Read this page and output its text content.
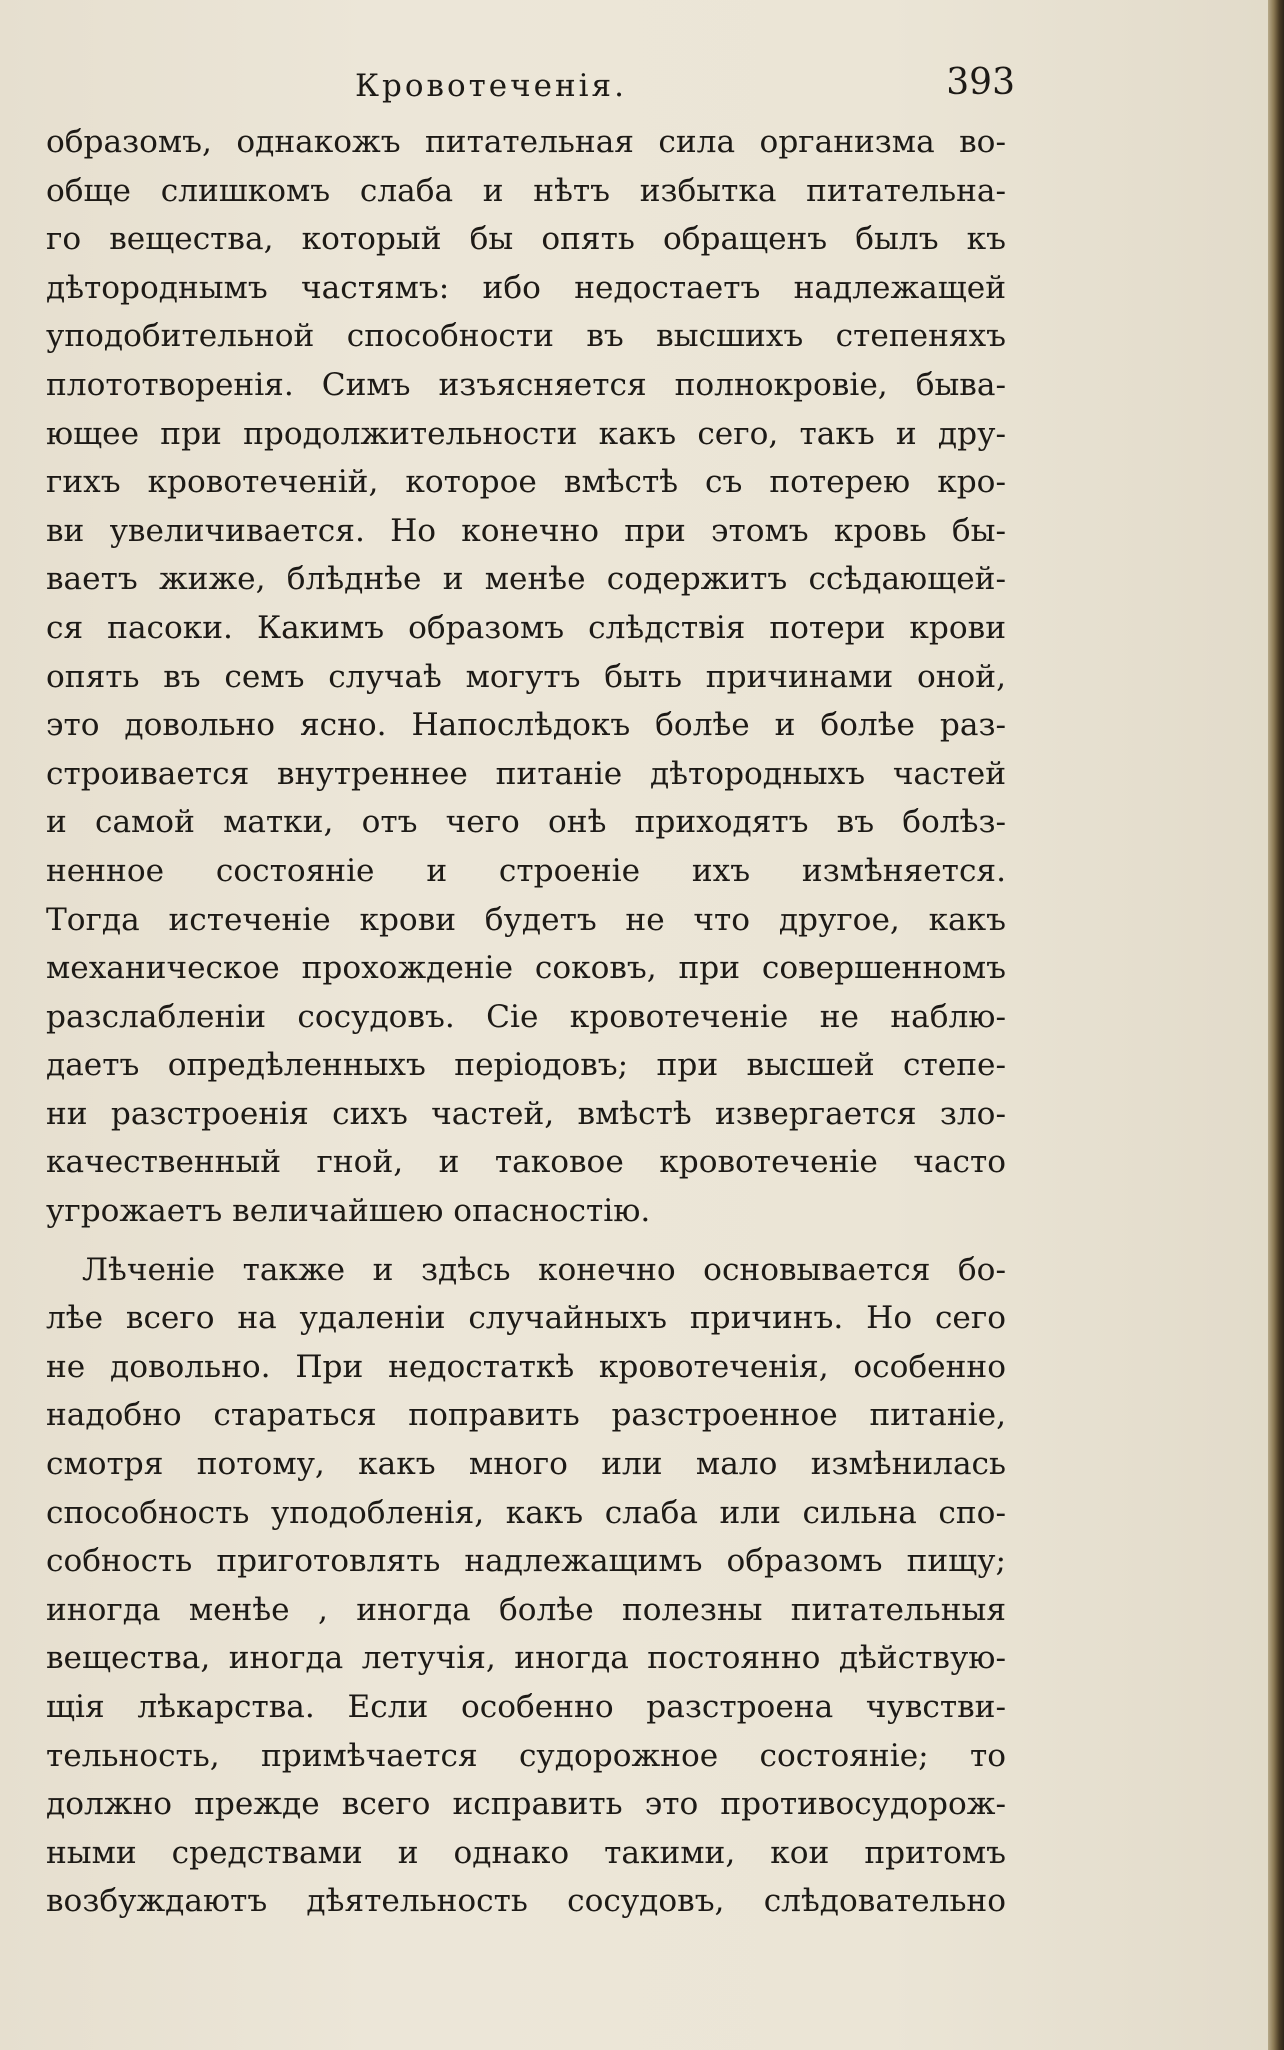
Кровотеченія.	393
образомъ, однакожъ питательная сила организма во-
обще слишкомъ слаба и нѣтъ избытка питательна-
го вещества, который бы опять обращенъ былъ къ
дѣторoднымъ частямъ: ибо недостаетъ надлежащей
уподобительной способности въ высшихъ степеняхъ
плототворенія. Симъ изъясняется полнокровіе, быва-
ющее при продолжительности какъ сего, такъ и дру-
гихъ кровотеченій, которое вмѣстѣ съ потерею кро-
ви увеличивается. Но конечно при этомъ кровь бы-
ваетъ жиже, блѣднѣе и менѣе содержитъ ссѣдающей-
ся пасоки. Какимъ образомъ слѣдствія потери крови
опять въ семъ случаѣ могутъ быть причинами оной,
это довольно ясно. Напослѣдокъ болѣе и болѣе раз-
строивается внутреннее питаніе дѣторoдныхъ частей
и самой матки, отъ чего онѣ приходятъ въ болѣз-
ненное состояніе и строеніе ихъ измѣняется.
Тогда истеченіе крови будетъ не что другое, какъ
механическое прохожденіе соковъ, при совершенномъ
разслабленіи сосудовъ. Сіе кровотеченіе не наблю-
даетъ опредѣленныхъ періодовъ; при высшей степе-
ни разстроенія сихъ частей, вмѣстѣ извергается зло-
качественный гной, и таковое кровотеченіе часто
угрожаетъ величайшею опасностію.
Лѣченіе также и здѣсь конечно основывается бо-
лѣе всего на удаленіи случайныхъ причинъ. Но сего
не довольно. При недостаткѣ кровотеченія, особенно
надобно стараться поправить разстроенное питаніе,
смотря потому, какъ много или мало измѣнилась
способность уподобленія, какъ слаба или сильна спо-
собность приготовлять надлежащимъ образомъ пищу;
иногда менѣе , иногда болѣе полезны питательныя
вещества, иногда летучія, иногда постоянно дѣйствую-
щія лѣкарства. Если особенно разстроена чувстви-
тельность, примѣчается судорожное состояніе; то
должно прежде всего исправить это противосудорож-
ными средствами и однако такими, кои притомъ
возбуждаютъ дѣятельность сосудовъ, слѣдовательно
